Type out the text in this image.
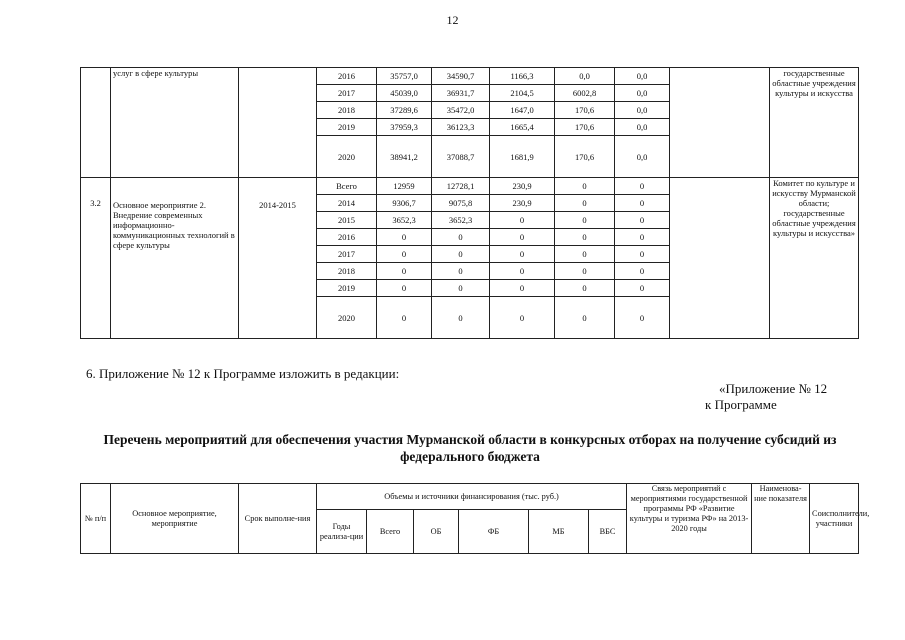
12
	услуг в сфере культуры		2016	35757,0	34590,7	1166,3	0,0	0,0		государственные областные учреждения культуры и искусства
			2017	45039,0	36931,7	2104,5	6002,8	0,0		
			2018	37289,6	35472,0	1647,0	170,6	0,0		
			2019	37959,3	36123,3	1665,4	170,6	0,0		
			2020	38941,2	37088,7	1681,9	170,6	0,0		
3.2	Основное мероприятие 2. Внедрение современных информационно-коммуникационных технологий в сфере культуры	2014-2015	Всего	12959	12728,1	230,9	0	0		Комитет по культуре и искусству Мурманской области; государственные областные учреждения культуры и искусства»
			2014	9306,7	9075,8	230,9	0	0		
			2015	3652,3	3652,3	0	0	0		
			2016	0	0	0	0	0		
			2017	0	0	0	0	0		
			2018	0	0	0	0	0		
			2019	0	0	0	0	0		
			2020	0	0	0	0	0		
6. Приложение № 12 к Программе изложить в редакции:
«Приложение № 12
к Программе
Перечень мероприятий для обеспечения участия Мурманской области в конкурсных отборах на получение субсидий из федерального бюджета
№ п/п	Основное мероприятие, мероприятие	Срок выполне-ния	Объемы и источники финансирования (тыс. руб.)						Связь мероприятий с мероприятиями государственной программы РФ «Развитие культуры и туризма РФ» на 2013-2020 годы	Наименова-ние показателя	Соисполнители, участники
			Годы реализа-ции	Всего	ОБ	ФБ	МБ	ВБС			
